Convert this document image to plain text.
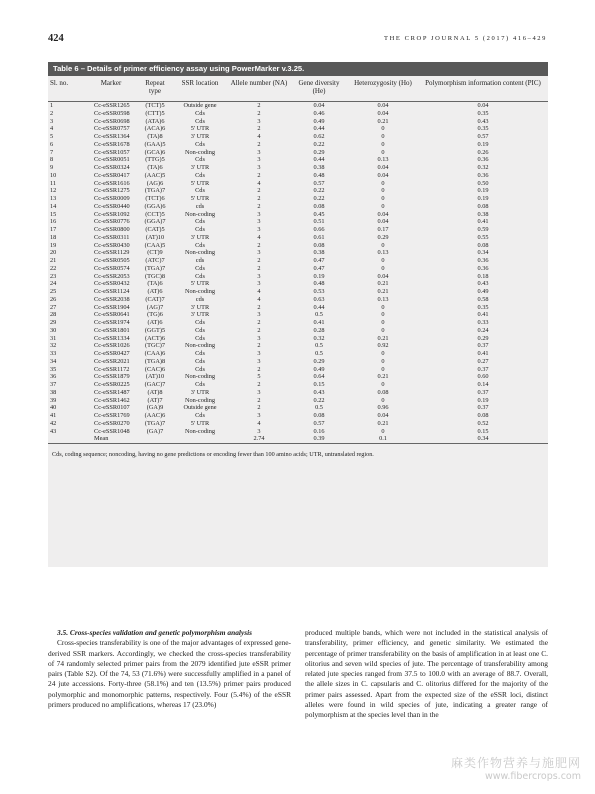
424	THE CROP JOURNAL 5 (2017) 416–429
Table 6 – Details of primer efficiency assay using PowerMarker v.3.25.
Sl. no.	Marker	Repeat type	SSR location	Allele number (NA)	Gene diversity (He)	Heterozygosity (Ho)	Polymorphism information content (PIC)

1	Cc-eSSR1265	(TCT)5	Outside gene	2	0.04	0.04	0.04
2	Cc-eSSR0598	(CTT)5	Cds	2	0.46	0.04	0.35
3	Cc-eSSR0698	(ATA)6	Cds	3	0.49	0.21	0.43
4	Cc-eSSR0757	(ACA)6	5' UTR	2	0.44	0	0.35
5	Cc-eSSR1364	(TA)8	3' UTR	4	0.62	0	0.57
6	Cc-eSSR1678	(GAA)5	Cds	2	0.22	0	0.19
7	Cc-eSSR1057	(GCA)6	Non-coding	3	0.29	0	0.26
8	Cc-eSSR0051	(TTG)5	Cds	3	0.44	0.13	0.36
9	Cc-eSSR0324	(TA)6	3' UTR	3	0.38	0.04	0.32
10	Cc-eSSR0417	(AAC)5	Cds	2	0.48	0.04	0.36
11	Cc-eSSR1616	(AG)6	5' UTR	4	0.57	0	0.50
12	Cc-eSSR1275	(TGA)7	Cds	2	0.22	0	0.19
13	Cc-eSSR0009	(TCT)6	5' UTR	2	0.22	0	0.19
14	Cc-eSSR0440	(GGA)6	cds	2	0.08	0	0.08
15	Cc-eSSR1092	(CCT)5	Non-coding	3	0.45	0.04	0.38
16	Cc-eSSR0776	(GGA)7	Cds	3	0.51	0.04	0.41
17	Cc-eSSR0800	(CAT)5	Cds	3	0.66	0.17	0.59
18	Cc-eSSR0311	(AT)10	3' UTR	4	0.61	0.29	0.55
19	Cc-eSSR0430	(CAA)5	Cds	2	0.08	0	0.08
20	Cc-eSSR1129	(CT)9	Non-coding	3	0.38	0.13	0.34
21	Cc-eSSR0505	(ATC)7	cds	2	0.47	0	0.36
22	Cc-eSSR0574	(TGA)7	Cds	2	0.47	0	0.36
23	Cc-eSSR2053	(TGC)8	Cds	3	0.19	0.04	0.18
24	Cc-eSSR0432	(TA)6	5' UTR	3	0.48	0.21	0.43
25	Cc-eSSR1124	(AT)6	Non-coding	4	0.53	0.21	0.49
26	Cc-eSSR2038	(CAT)7	cds	4	0.63	0.13	0.58
27	Cc-eSSR1904	(AG)7	3' UTR	2	0.44	0	0.35
28	Cc-eSSR0641	(TG)6	3' UTR	3	0.5	0	0.41
29	Cc-eSSR1974	(AT)6	Cds	2	0.41	0	0.33
30	Cc-eSSR1801	(GGT)5	Cds	2	0.28	0	0.24
31	Cc-eSSR1334	(ACT)6	Cds	3	0.32	0.21	0.29
32	Cc-eSSR1026	(TGC)7	Non-coding	2	0.5	0.92	0.37
33	Cc-eSSR0427	(CAA)6	Cds	3	0.5	0	0.41
34	Cc-eSSR2021	(TGA)8	Cds	3	0.29	0	0.27
35	Cc-eSSR1172	(CAC)6	Cds	2	0.49	0	0.37
36	Cc-eSSR1879	(AT)10	Non-coding	5	0.64	0.21	0.60
37	Cc-eSSR0225	(GAC)7	Cds	2	0.15	0	0.14
38	Cc-eSSR1487	(AT)8	3' UTR	3	0.43	0.08	0.37
39	Cc-eSSR1462	(AT)7	Non-coding	2	0.22	0	0.19
40	Cc-eSSR0107	(GA)9	Outside gene	2	0.5	0.96	0.37
41	Cc-eSSR1769	(AAC)6	Cds	3	0.08	0.04	0.08
42	Cc-eSSR0270	(TGA)7	5' UTR	4	0.57	0.21	0.52
43	Cc-eSSR1048	(GA)7	Non-coding	3	0.16	0	0.15
	Mean			2.74	0.39	0.1	0.34
Cds, coding sequence; noncoding, having no gene predictions or encoding fewer than 100 amino acids; UTR, untranslated region.							

3.5. Cross-species validation and genetic polymorphism analysis

Cross-species transferability is one of the major advantages of expressed gene-derived SSR markers. Accordingly, we checked the cross-species transferability of 74 randomly selected primer pairs from the 2079 identified jute eSSR primer pairs (Table S2). Of the 74, 53 (71.6%) were successfully amplified in a panel of 24 jute accessions. Forty-three (58.1%) and ten (13.5%) primer pairs produced polymorphic and monomorphic patterns, respectively. Four (5.4%) of the eSSR primers produced no amplifications, whereas 17 (23.0%)

produced multiple bands, which were not included in the statistical analysis of transferability, primer efficiency, and genetic similarity. We estimated the percentage of primer transferability on the basis of amplification in at least one C. olitorius and seven wild species of jute. The percentage of transferability among related jute species ranged from 37.5 to 100.0 with an average of 88.7. Overall, the allele sizes in C. capsularis and C. olitorius differed for the majority of the primer pairs assessed. Apart from the expected size of the eSSR loci, distinct alleles were found in wild species of jute, indicating a greater range of polymorphism at the species level than in the
麻类作物营养与施肥网
www.fibercrops.com
